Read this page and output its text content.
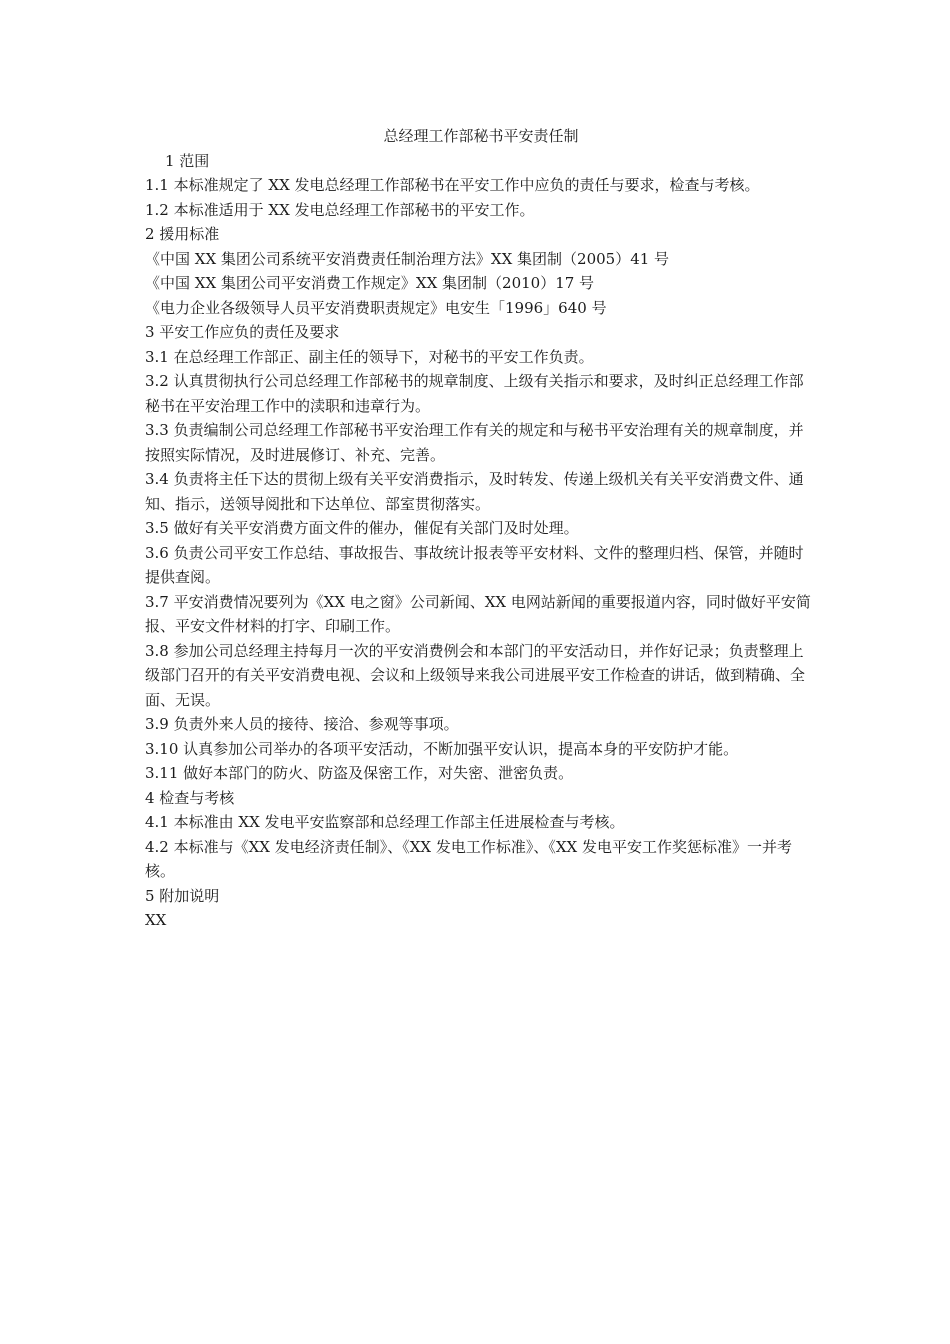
总经理工作部秘书平安责任制

1 范围

1.1 本标准规定了 XX 发电总经理工作部秘书在平安工作中应负的责任与要求，检查与考核。

1.2 本标准适用于 XX 发电总经理工作部秘书的平安工作。

2 援用标准

《中国 XX 集团公司系统平安消费责任制治理方法》XX 集团制（2005）41 号

《中国 XX 集团公司平安消费工作规定》XX 集团制（2010）17 号

《电力企业各级领导人员平安消费职责规定》电安生「1996」640 号

3 平安工作应负的责任及要求

3.1 在总经理工作部正、副主任的领导下，对秘书的平安工作负责。

3.2 认真贯彻执行公司总经理工作部秘书的规章制度、上级有关指示和要求，及时纠正总经理工作部秘书在平安治理工作中的渎职和违章行为。

3.3 负责编制公司总经理工作部秘书平安治理工作有关的规定和与秘书平安治理有关的规章制度，并按照实际情况，及时进展修订、补充、完善。

3.4 负责将主任下达的贯彻上级有关平安消费指示，及时转发、传递上级机关有关平安消费文件、通知、指示，送领导阅批和下达单位、部室贯彻落实。

3.5 做好有关平安消费方面文件的催办，催促有关部门及时处理。

3.6 负责公司平安工作总结、事故报告、事故统计报表等平安材料、文件的整理归档、保管，并随时提供查阅。

3.7 平安消费情况要列为《XX 电之窗》公司新闻、XX 电网站新闻的重要报道内容，同时做好平安简报、平安文件材料的打字、印刷工作。

3.8 参加公司总经理主持每月一次的平安消费例会和本部门的平安活动日，并作好记录；负责整理上级部门召开的有关平安消费电视、会议和上级领导来我公司进展平安工作检查的讲话，做到精确、全面、无误。

3.9 负责外来人员的接待、接洽、参观等事项。

3.10 认真参加公司举办的各项平安活动，不断加强平安认识，提高本身的平安防护才能。

3.11 做好本部门的防火、防盗及保密工作，对失密、泄密负责。

4 检查与考核

4.1 本标准由 XX 发电平安监察部和总经理工作部主任进展检查与考核。

4.2 本标准与《XX 发电经济责任制》、《XX 发电工作标准》、《XX 发电平安工作奖惩标准》一并考核。

5 附加说明

XX
